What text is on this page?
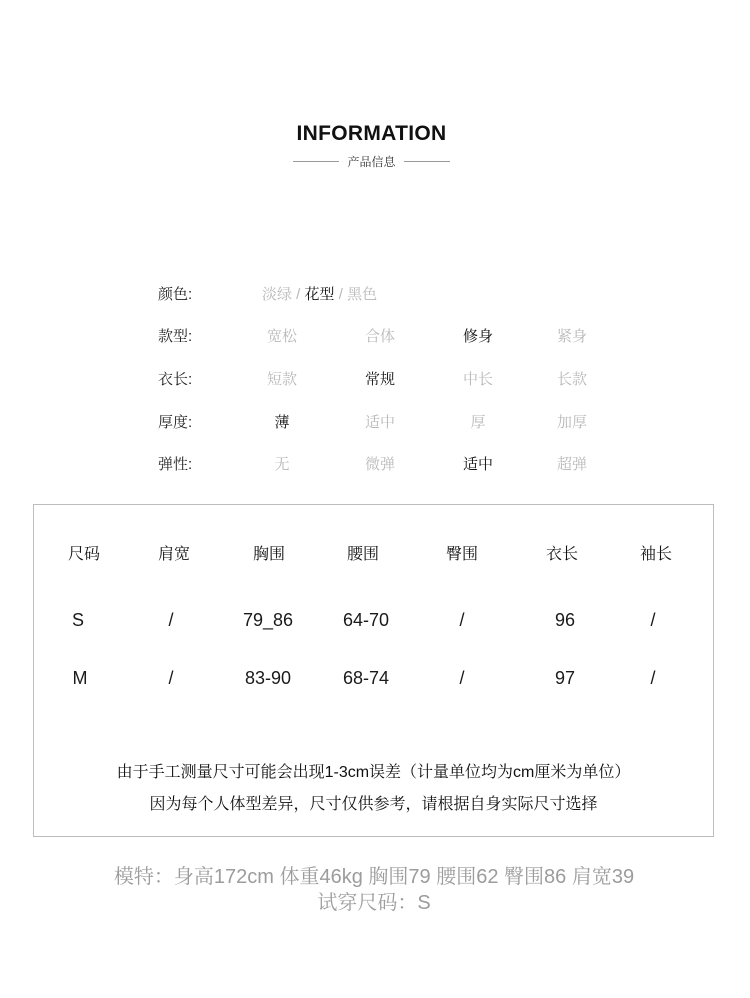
INFORMATION
产品信息
颜色:	淡绿 / 花型 / 黑色
款型:	宽松	合体	修身	紧身
衣长:	短款	常规	中长	长款
厚度:	薄	适中	厚	加厚
弹性:	无	微弹	适中	超弹
尺码	肩宽	胸围	腰围	臀围	衣长	袖长
S	/	79_86	64-70	/	96	/
M	/	83-90	68-74	/	97	/
由于手工测量尺寸可能会出现1-3cm误差（计量单位均为cm厘米为单位）
因为每个人体型差异，尺寸仅供参考，请根据自身实际尺寸选择
模特：身高172cm 体重46kg 胸围79 腰围62 臀围86 肩宽39
试穿尺码：S
